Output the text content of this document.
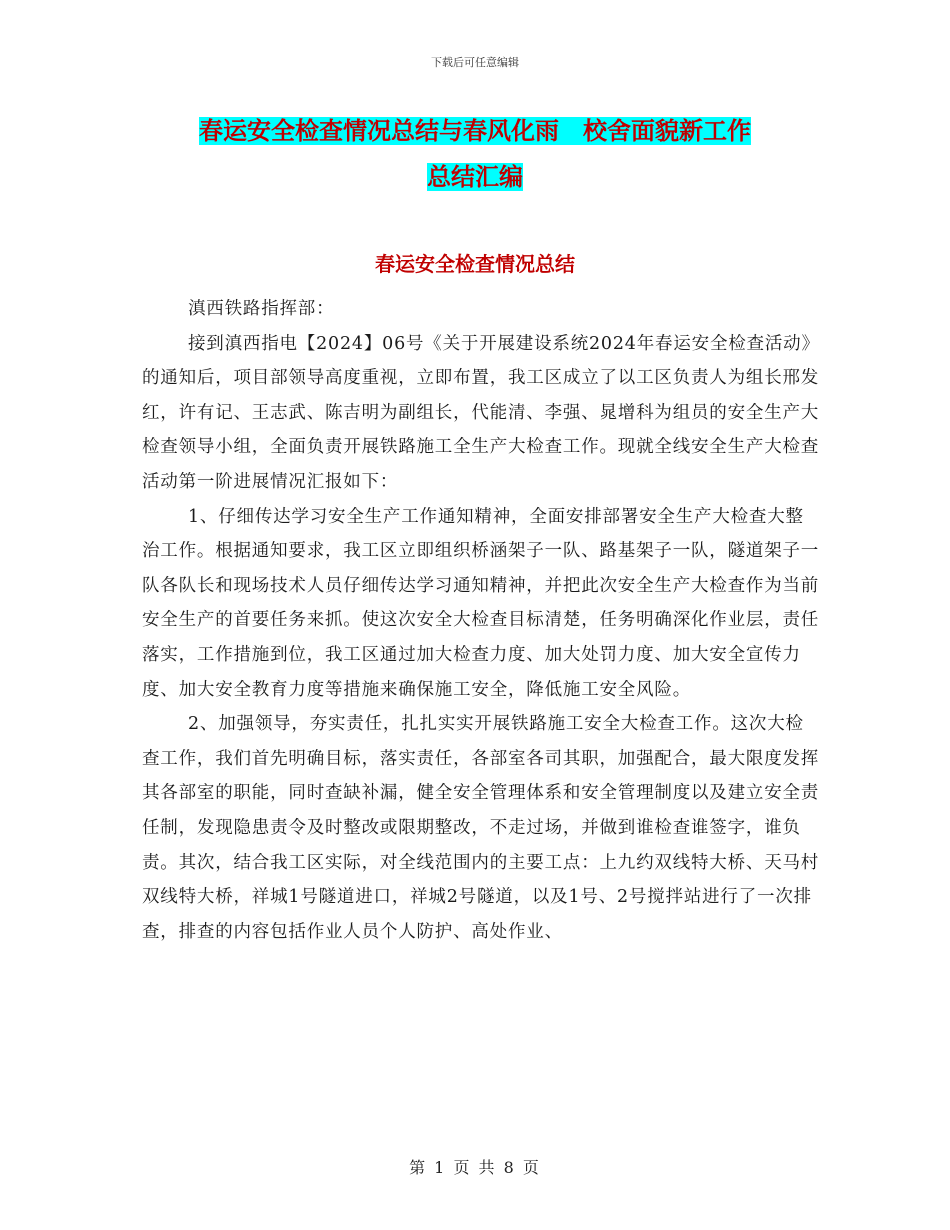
下载后可任意编辑
春运安全检查情况总结与春风化雨　校舍面貌新工作
总结汇编
春运安全检查情况总结

滇西铁路指挥部：

接到滇西指电【2024】06号《关于开展建设系统2024年春运安全检查活动》的通知后，项目部领导高度重视，立即布置，我工区成立了以工区负责人为组长邢发红，许有记、王志武、陈吉明为副组长，代能清、李强、晁增科为组员的安全生产大检查领导小组，全面负责开展铁路施工全生产大检查工作。现就全线安全生产大检查活动第一阶进展情况汇报如下：

1、仔细传达学习安全生产工作通知精神，全面安排部署安全生产大检查大整治工作。根据通知要求，我工区立即组织桥涵架子一队、路基架子一队，隧道架子一队各队长和现场技术人员仔细传达学习通知精神，并把此次安全生产大检查作为当前安全生产的首要任务来抓。使这次安全大检查目标清楚，任务明确深化作业层，责任落实，工作措施到位，我工区通过加大检查力度、加大处罚力度、加大安全宣传力度、加大安全教育力度等措施来确保施工安全，降低施工安全风险。

2、加强领导，夯实责任，扎扎实实开展铁路施工安全大检查工作。这次大检查工作，我们首先明确目标，落实责任，各部室各司其职，加强配合，最大限度发挥其各部室的职能，同时查缺补漏，健全安全管理体系和安全管理制度以及建立安全责任制，发现隐患责令及时整改或限期整改，不走过场，并做到谁检查谁签字，谁负责。其次，结合我工区实际，对全线范围内的主要工点：上九约双线特大桥、天马村双线特大桥，祥城1号隧道进口，祥城2号隧道，以及1号、2号搅拌站进行了一次排查，排查的内容包括作业人员个人防护、高处作业、

第 1 页 共 8 页
